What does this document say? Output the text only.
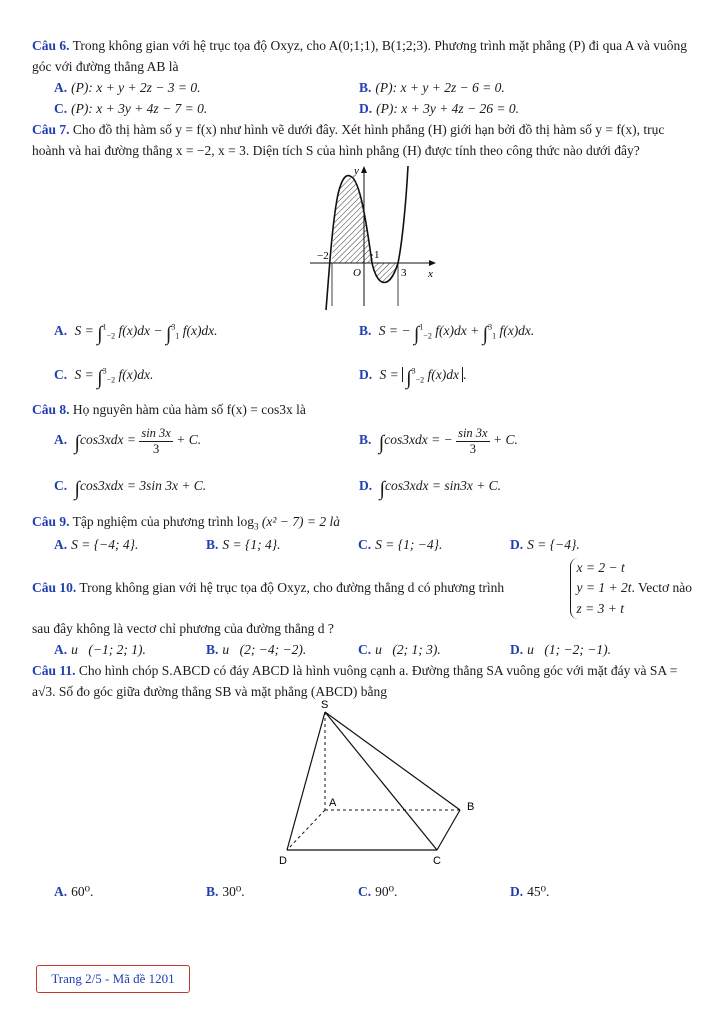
Câu 6. Trong không gian với hệ trục tọa độ Oxyz, cho A(0;1;1), B(1;2;3). Phương trình mặt phẳng (P) đi qua A và vuông góc với đường thẳng AB là

A. (P): x + y + 2z − 3 = 0.	B. (P): x + y + 2z − 6 = 0.
C. (P): x + 3y + 4z − 7 = 0.	D. (P): x + 3y + 4z − 26 = 0.

Câu 7. Cho đồ thị hàm số y = f(x) như hình vẽ dưới đây. Xét hình phẳng (H) giới hạn bởi đồ thị hàm số y = f(x), trục hoành và hai đường thẳng x = −2, x = 3. Diện tích S của hình phẳng (H) được tính theo công thức nào dưới đây?

y
x
O
−2	1
3
A. S = ∫$^1_{-2}$ f(x)dx − ∫$^3_1$ f(x)dx.	B. S = − ∫$^1_{-2}$ f(x)dx + ∫$^3_1$ f(x)dx.
C. S = ∫$^3_{-2}$ f(x)dx.	D. S = ∫$^3_{-2}$ f(x)dx .

Câu 8. Họ nguyên hàm của hàm số f(x) = cos3x là

A. $\int\cos 3xdx = \frac{\sin 3x}{3} + C$.	B. ∫cos3xdx = − $\frac{\sin 3x}{3} + C$.
C. ∫cos3xdx = 3sin 3x + C.	D. ∫cos3xdx = sin3x + C.

Câu 9. Tập nghiệm của phương trình $\log_3 (x^2 - 7) = 2$ là

A. S = {−4; 4}.	B. S = {1; 4}.	C. S = {1; −4}.	D. S = {−4}.
Câu 10. Trong không gian với hệ trục tọa độ Oxyz, cho đường thẳng d có phương trình
x = 2 − t
y = 1 + 2t
z = 3 + t
. Vectơ nào

sau đây không là vectơ chỉ phương của đường thẳng d ?

A. u⃗(−1; 2; 1).	B. u⃗(2; −4; −2).	C. u⃗(2; 1; 3).	D. u⃗(1; −2; −1).

Câu 11. Cho hình chóp S.ABCD có đáy ABCD là hình vuông cạnh a. Đường thẳng SA vuông góc với mặt đáy và SA = a√3. Số đo góc giữa đường thẳng SB và mặt phẳng (ABCD) bằng

S
A	B
C
D
A. 60⁰.	B. 30⁰.	C. 90⁰.	D. 45⁰.
Trang 2/5 - Mã đề 1201
